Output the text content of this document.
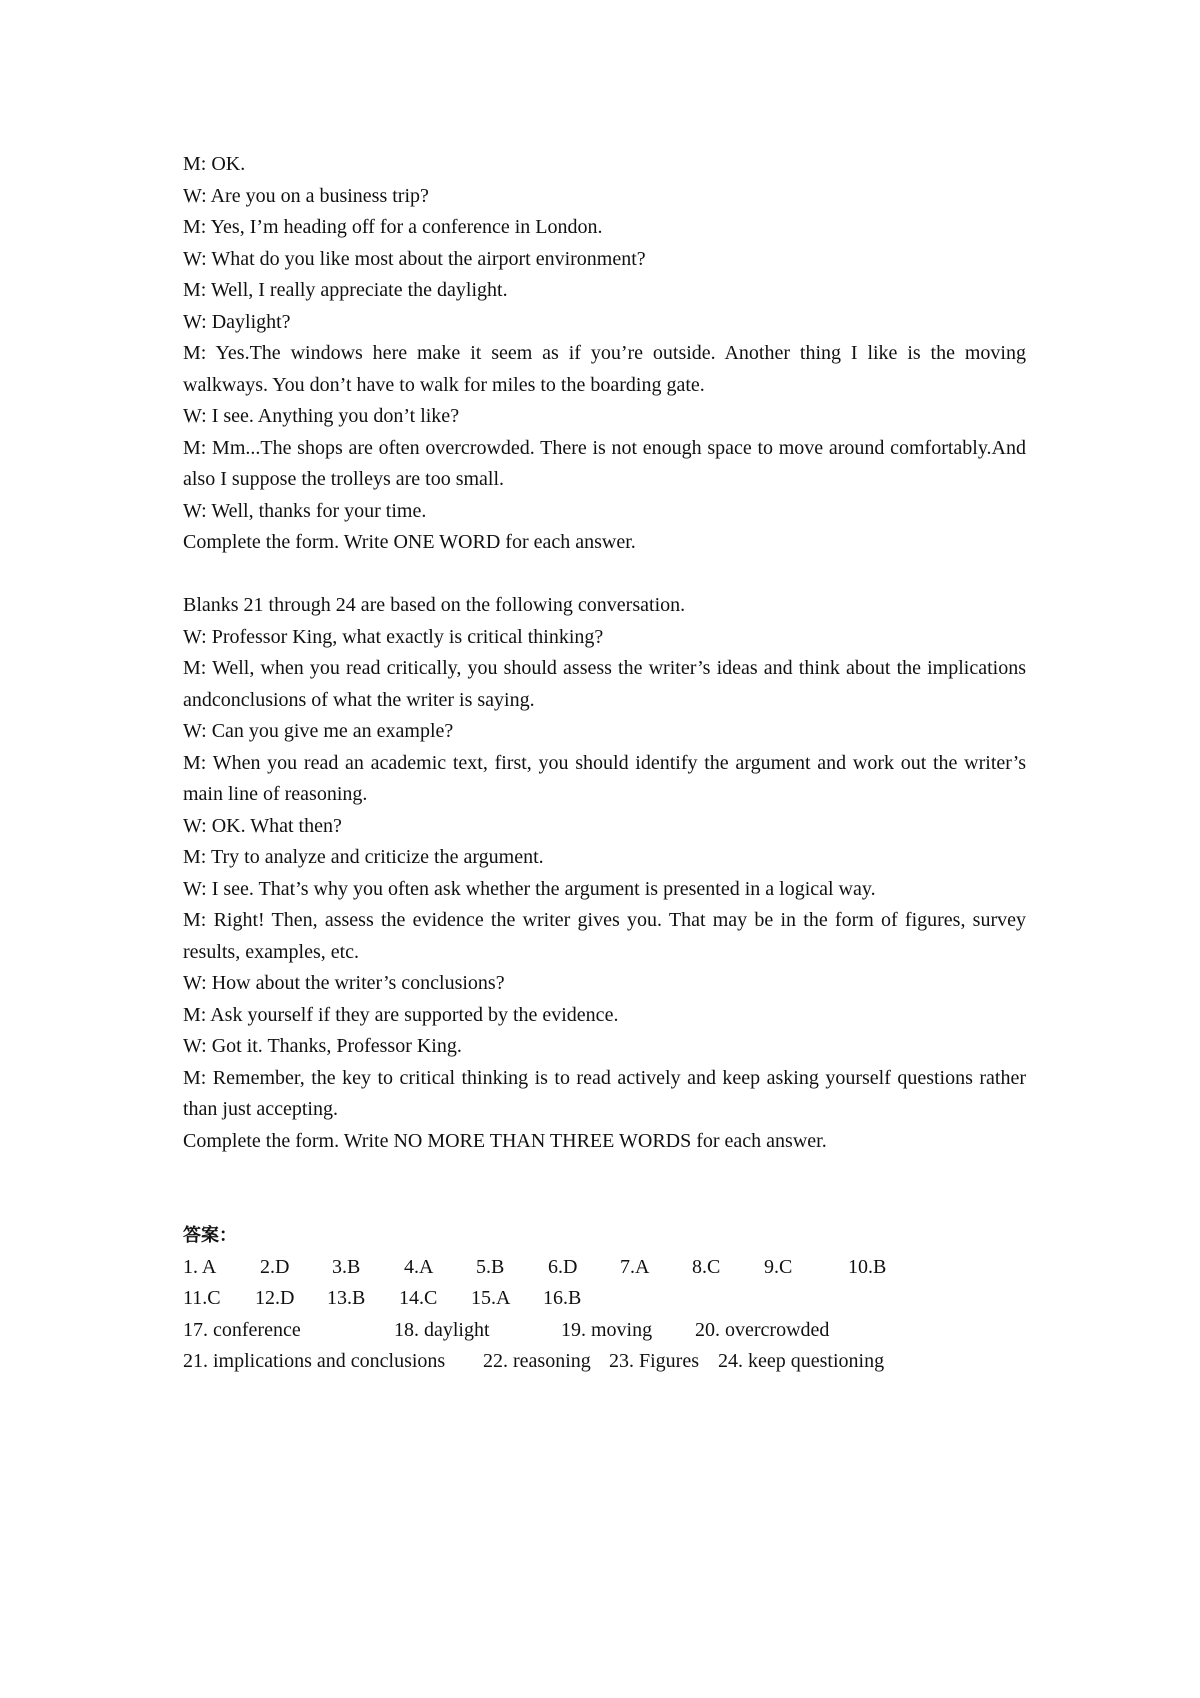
M: OK.

W: Are you on a business trip?

M: Yes, I’m heading off for a conference in London.

W: What do you like most about the airport environment?

M: Well, I really appreciate the daylight.

W: Daylight?

M: Yes.The windows here make it seem as if you’re outside. Another thing I like is the moving walkways. You don’t have to walk for miles to the boarding gate.

W: I see. Anything you don’t like?

M: Mm...The shops are often overcrowded. There is not enough space to move around comfortably.And also I suppose the trolleys are too small.

W: Well, thanks for your time.

Complete the form. Write ONE WORD for each answer.

Blanks 21 through 24 are based on the following conversation.

W: Professor King, what exactly is critical thinking?

M: Well, when you read critically, you should assess the writer’s ideas and think about the implications andconclusions of what the writer is saying.

W: Can you give me an example?

M: When you read an academic text, first, you should identify the argument and work out the writer’s main line of reasoning.

W: OK. What then?

M: Try to analyze and criticize the argument.

W: I see. That’s why you often ask whether the argument is presented in a logical way.

M: Right! Then, assess the evidence the writer gives you. That may be in the form of figures, survey results, examples, etc.

W: How about the writer’s conclusions?

M: Ask yourself if they are supported by the evidence.

W: Got it. Thanks, Professor King.

M: Remember, the key to critical thinking is to read actively and keep asking yourself questions rather than just accepting.

Complete the form. Write NO MORE THAN THREE WORDS for each answer.

答案：

1. A	2.D	3.B	4.A	5.B	6.D	7.A	8.C	9.C	10.B
11.C	12.D	13.B	14.C	15.A	16.B
17. conference	18. daylight	19. moving	20. overcrowded
21. implications and conclusions	22. reasoning 23. Figures 24. keep questioning
